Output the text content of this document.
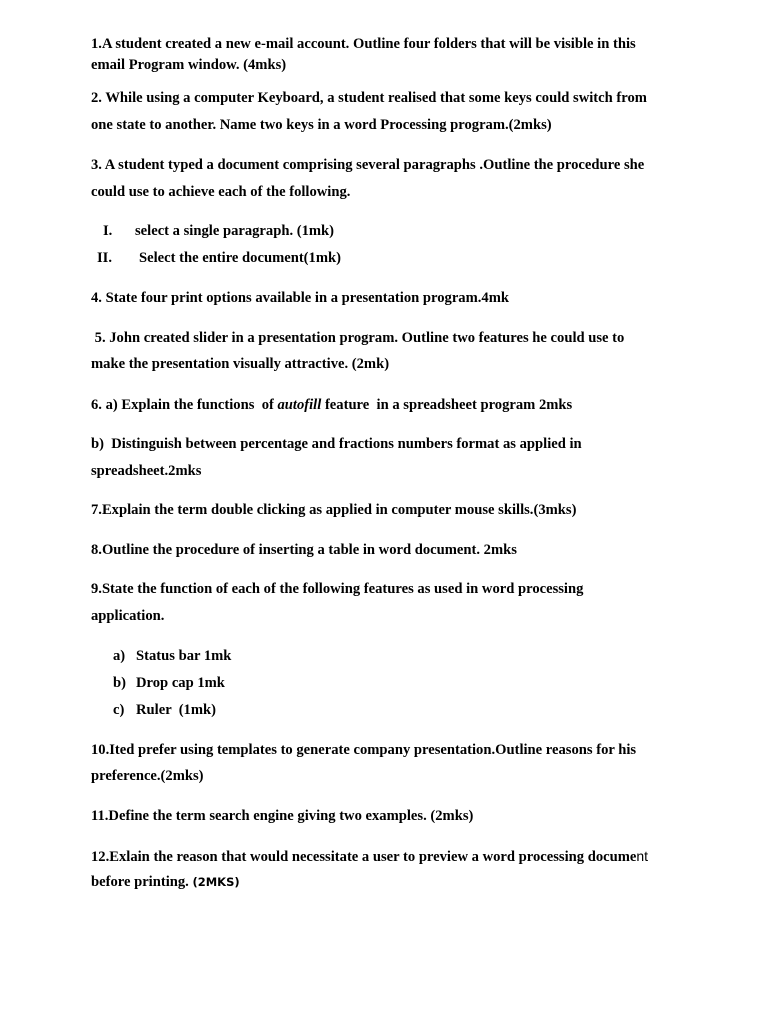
1.A student created a new e-mail account. Outline four folders that will be visible in this
email Program window. (4mks)
2. While using a computer Keyboard, a student realised that some keys could switch from
one state to another. Name two keys in a word Processing program.(2mks)
3. A student typed a document comprising several paragraphs .Outline the procedure she
could use to achieve each of the following.
I. select a single paragraph. (1mk)
II. Select the entire document(1mk)
4. State four print options available in a presentation program.4mk
5. John created slider in a presentation program. Outline two features he could use to
make the presentation visually attractive. (2mk)
6. a) Explain the functions  of autofill feature  in a spreadsheet program 2mks
b)  Distinguish between percentage and fractions numbers format as applied in
spreadsheet.2mks
7.Explain the term double clicking as applied in computer mouse skills.(3mks)
8.Outline the procedure of inserting a table in word document. 2mks
9.State the function of each of the following features as used in word processing
application.
a) Status bar 1mk
b) Drop cap 1mk
c) Ruler  (1mk)
10.Ited prefer using templates to generate company presentation.Outline reasons for his
preference.(2mks)
11.Define the term search engine giving two examples. (2mks)
12.Exlain the reason that would necessitate a user to preview a word processing document
before printing. (2MKS)
